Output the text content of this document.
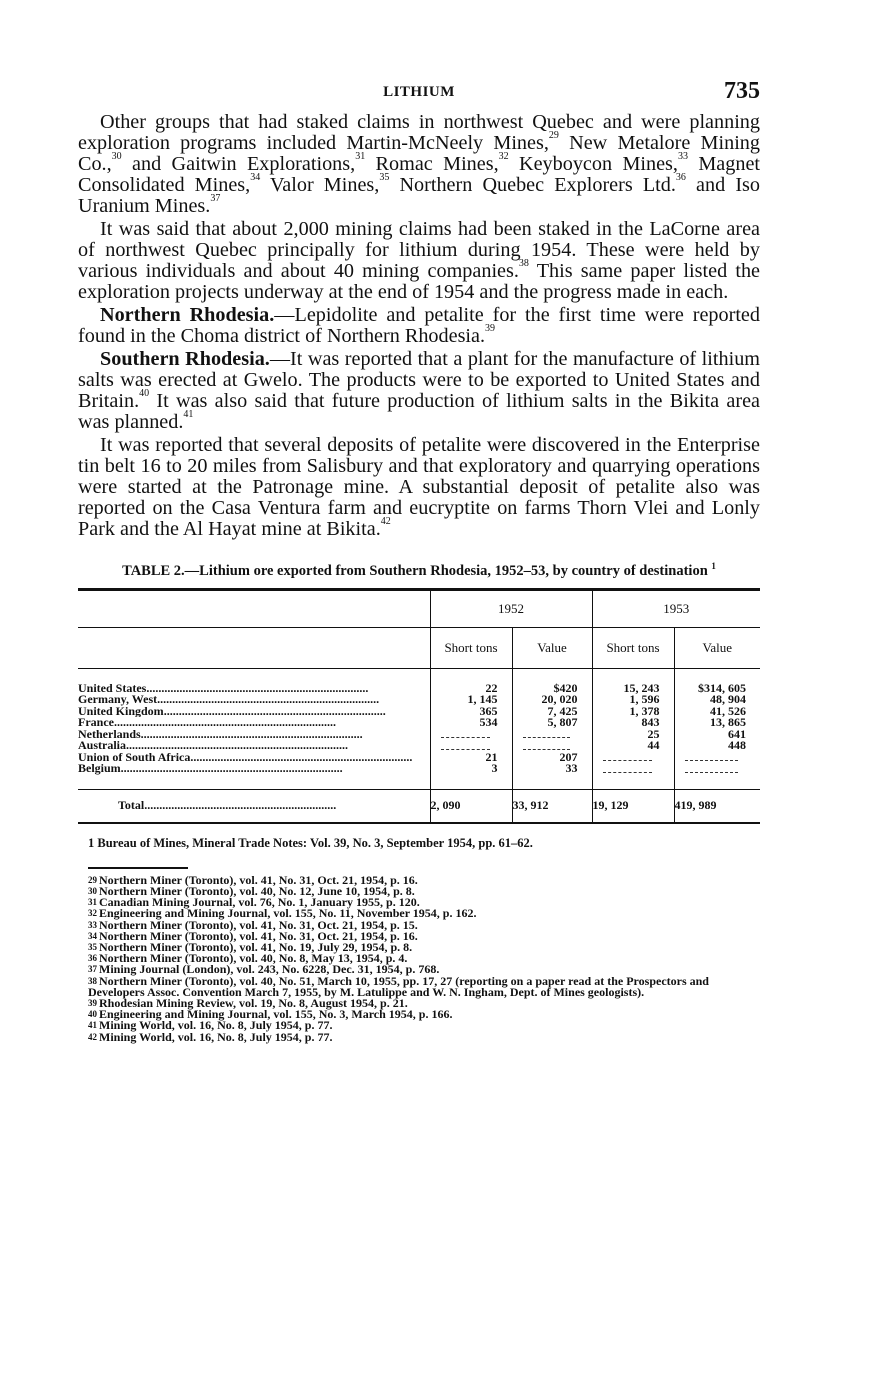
LITHIUM	735

Other groups that had staked claims in northwest Quebec and were planning exploration programs included Martin-McNeely Mines,$^{29}$ New Metalore Mining Co.,$^{30}$ and Gaitwin Explorations,$^{31}$ Romac Mines,$^{32}$ Keyboycon Mines,$^{33}$ Magnet Consolidated Mines,$^{34}$ Valor Mines,$^{35}$ Northern Quebec Explorers Ltd.$^{36}$ and Iso Uranium Mines.$^{37}$

It was said that about 2,000 mining claims had been staked in the LaCorne area of northwest Quebec principally for lithium during 1954. These were held by various individuals and about 40 mining companies.$^{38}$ This same paper listed the exploration projects underway at the end of 1954 and the progress made in each.

Northern Rhodesia.—Lepidolite and petalite for the first time were reported found in the Choma district of Northern Rhodesia.$^{39}$

Southern Rhodesia.—It was reported that a plant for the manufacture of lithium salts was erected at Gwelo. The products were to be exported to United States and Britain.$^{40}$ It was also said that future production of lithium salts in the Bikita area was planned.$^{41}$

It was reported that several deposits of petalite were discovered in the Enterprise tin belt 16 to 20 miles from Salisbury and that exploratory and quarrying operations were started at the Patronage mine. A substantial deposit of petalite also was reported on the Casa Ventura farm and eucryptite on farms Thorn Vlei and Lonly Park and the Al Hayat mine at Bikita.$^{42}$

TABLE 2.—Lithium ore exported from Southern Rhodesia, 1952–53, by country of destination $^1$
	1952		1953	
	Short tons	Value	Short tons	Value

United States..........................................................................	22	$420	15, 243	$314, 605
Germany, West..........................................................................	1, 145	20, 020	1, 596	48, 904
United Kingdom..........................................................................	365	7, 425	1, 378	41, 526
France..........................................................................	534	5, 807	843	13, 865
Netherlands..........................................................................			25	641
Australia..........................................................................			44	448
Union of South Africa..........................................................................	21	207	

Belgium..........................................................................	3	33	

Total................................................................	2, 090	33, 912	19, 129	419, 989
1 Bureau of Mines, Mineral Trade Notes: Vol. 39, No. 3, September 1954, pp. 61–62.

$^{29}$ Northern Miner (Toronto), vol. 41, No. 31, Oct. 21, 1954, p. 16.

$^{30}$ Northern Miner (Toronto), vol. 40, No. 12, June 10, 1954, p. 8.

$^{31}$ Canadian Mining Journal, vol. 76, No. 1, January 1955, p. 120.

$^{32}$ Engineering and Mining Journal, vol. 155, No. 11, November 1954, p. 162.

$^{33}$ Northern Miner (Toronto), vol. 41, No. 31, Oct. 21, 1954, p. 15.

$^{34}$ Northern Miner (Toronto), vol. 41, No. 31, Oct. 21, 1954, p. 16.

$^{35}$ Northern Miner (Toronto), vol. 41, No. 19, July 29, 1954, p. 8.

$^{36}$ Northern Miner (Toronto), vol. 40, No. 8, May 13, 1954, p. 4.

$^{37}$ Mining Journal (London), vol. 243, No. 6228, Dec. 31, 1954, p. 768.

$^{38}$ Northern Miner (Toronto), vol. 40, No. 51, March 10, 1955, pp. 17, 27 (reporting on a paper read at the Prospectors and Developers Assoc. Convention March 7, 1955, by M. Latulippe and W. N. Ingham, Dept. of Mines geologists).

$^{39}$ Rhodesian Mining Review, vol. 19, No. 8, August 1954, p. 21.

$^{40}$ Engineering and Mining Journal, vol. 155, No. 3, March 1954, p. 166.

$^{41}$ Mining World, vol. 16, No. 8, July 1954, p. 77.

$^{42}$ Mining World, vol. 16, No. 8, July 1954, p. 77.
